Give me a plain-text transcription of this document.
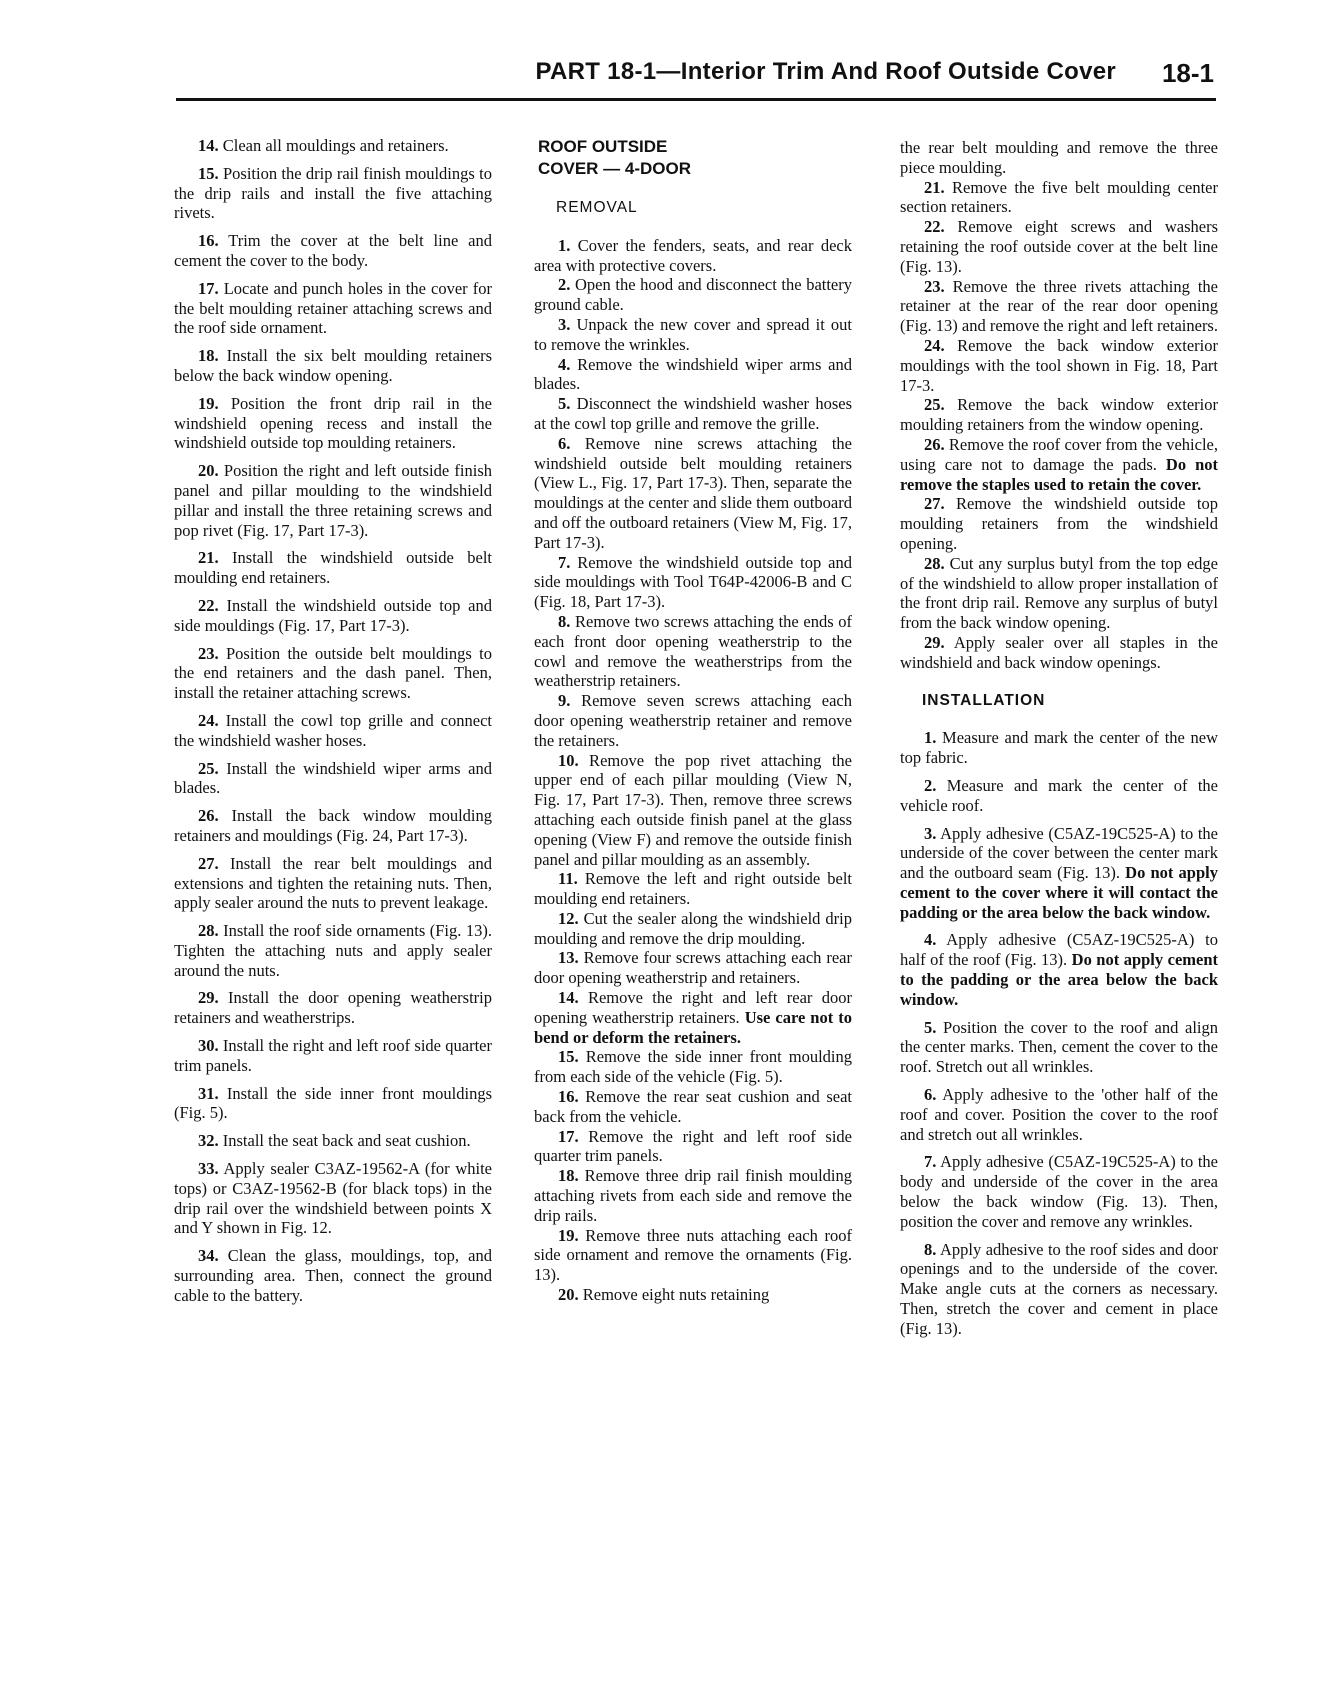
PART 18-1—Interior Trim And Roof Outside Cover 18-1

14. Clean all mouldings and retainers.

15. Position the drip rail finish mouldings to the drip rails and install the five attaching rivets.

16. Trim the cover at the belt line and cement the cover to the body.

17. Locate and punch holes in the cover for the belt moulding retainer attaching screws and the roof side ornament.

18. Install the six belt moulding retainers below the back window opening.

19. Position the front drip rail in the windshield opening recess and install the windshield outside top moulding retainers.

20. Position the right and left outside finish panel and pillar moulding to the windshield pillar and install the three retaining screws and pop rivet (Fig. 17, Part 17-3).

21. Install the windshield outside belt moulding end retainers.

22. Install the windshield outside top and side mouldings (Fig. 17, Part 17-3).

23. Position the outside belt mouldings to the end retainers and the dash panel. Then, install the retainer attaching screws.

24. Install the cowl top grille and connect the windshield washer hoses.

25. Install the windshield wiper arms and blades.

26. Install the back window moulding retainers and mouldings (Fig. 24, Part 17-3).

27. Install the rear belt mouldings and extensions and tighten the retaining nuts. Then, apply sealer around the nuts to prevent leakage.

28. Install the roof side ornaments (Fig. 13). Tighten the attaching nuts and apply sealer around the nuts.

29. Install the door opening weatherstrip retainers and weatherstrips.

30. Install the right and left roof side quarter trim panels.

31. Install the side inner front mouldings (Fig. 5).

32. Install the seat back and seat cushion.

33. Apply sealer C3AZ-19562-A (for white tops) or C3AZ-19562-B (for black tops) in the drip rail over the windshield between points X and Y shown in Fig. 12.

34. Clean the glass, mouldings, top, and surrounding area. Then, connect the ground cable to the battery.

ROOF OUTSIDE
COVER — 4-DOOR
REMOVAL

1. Cover the fenders, seats, and rear deck area with protective covers.

2. Open the hood and disconnect the battery ground cable.

3. Unpack the new cover and spread it out to remove the wrinkles.

4. Remove the windshield wiper arms and blades.

5. Disconnect the windshield washer hoses at the cowl top grille and remove the grille.

6. Remove nine screws attaching the windshield outside belt moulding retainers (View L., Fig. 17, Part 17-3). Then, separate the mouldings at the center and slide them outboard and off the outboard retainers (View M, Fig. 17, Part 17-3).

7. Remove the windshield outside top and side mouldings with Tool T64P-42006-B and C (Fig. 18, Part 17-3).

8. Remove two screws attaching the ends of each front door opening weatherstrip to the cowl and remove the weatherstrips from the weatherstrip retainers.

9. Remove seven screws attaching each door opening weatherstrip retainer and remove the retainers.

10. Remove the pop rivet attaching the upper end of each pillar moulding (View N, Fig. 17, Part 17-3). Then, remove three screws attaching each outside finish panel at the glass opening (View F) and remove the outside finish panel and pillar moulding as an assembly.

11. Remove the left and right outside belt moulding end retainers.

12. Cut the sealer along the windshield drip moulding and remove the drip moulding.

13. Remove four screws attaching each rear door opening weatherstrip and retainers.

14. Remove the right and left rear door opening weatherstrip retainers. Use care not to bend or deform the retainers.

15. Remove the side inner front moulding from each side of the vehicle (Fig. 5).

16. Remove the rear seat cushion and seat back from the vehicle.

17. Remove the right and left roof side quarter trim panels.

18. Remove three drip rail finish moulding attaching rivets from each side and remove the drip rails.

19. Remove three nuts attaching each roof side ornament and remove the ornaments (Fig. 13).

20. Remove eight nuts retaining

the rear belt moulding and remove the three piece moulding.

21. Remove the five belt moulding center section retainers.

22. Remove eight screws and washers retaining the roof outside cover at the belt line (Fig. 13).

23. Remove the three rivets attaching the retainer at the rear of the rear door opening (Fig. 13) and remove the right and left retainers.

24. Remove the back window exterior mouldings with the tool shown in Fig. 18, Part 17-3.

25. Remove the back window exterior moulding retainers from the window opening.

26. Remove the roof cover from the vehicle, using care not to damage the pads. Do not remove the staples used to retain the cover.

27. Remove the windshield outside top moulding retainers from the windshield opening.

28. Cut any surplus butyl from the top edge of the windshield to allow proper installation of the front drip rail. Remove any surplus of butyl from the back window opening.

29. Apply sealer over all staples in the windshield and back window openings.

INSTALLATION

1. Measure and mark the center of the new top fabric.

2. Measure and mark the center of the vehicle roof.

3. Apply adhesive (C5AZ-19C525-A) to the underside of the cover between the center mark and the outboard seam (Fig. 13). Do not apply cement to the cover where it will contact the padding or the area below the back window.

4. Apply adhesive (C5AZ-19C525-A) to half of the roof (Fig. 13). Do not apply cement to the padding or the area below the back window.

5. Position the cover to the roof and align the center marks. Then, cement the cover to the roof. Stretch out all wrinkles.

6. Apply adhesive to the 'other half of the roof and cover. Position the cover to the roof and stretch out all wrinkles.

7. Apply adhesive (C5AZ-19C525-A) to the body and underside of the cover in the area below the back window (Fig. 13). Then, position the cover and remove any wrinkles.

8. Apply adhesive to the roof sides and door openings and to the underside of the cover. Make angle cuts at the corners as necessary. Then, stretch the cover and cement in place (Fig. 13).
